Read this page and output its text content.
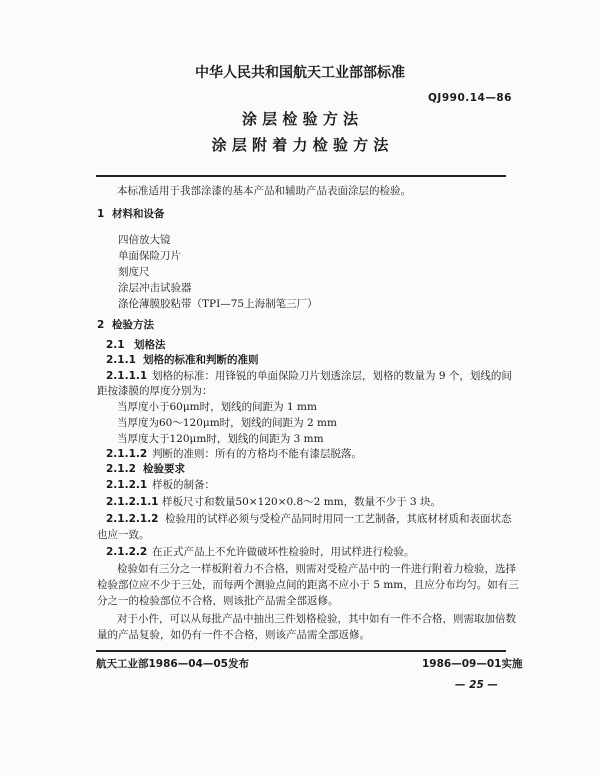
中华人民共和国航天工业部部标准
QJ990.14—86
涂 层 检 验 方 法
涂 层 附 着 力 检 验 方 法
本标准适用于我部涂漆的基本产品和辅助产品表面涂层的检验。
1 材料和设备
四倍放大镜
单面保险刀片
刻度尺
涂层冲击试验器
涤伦薄膜胶粘带（TPI—75上海制笔三厂）
2 检验方法
2.1 划格法
2.1.1 划格的标准和判断的准则
2.1.1.1 划格的标准：用锋锐的单面保险刀片划透涂层，划格的数量为 9 个，划线的间
距按漆膜的厚度分别为：
当厚度小于60μm时，划线的间距为 1 mm
当厚度为60～120μm时，划线的间距为 2 mm
当厚度大于120μm时，划线的间距为 3 mm
2.1.1.2 判断的准则：所有的方格均不能有漆层脱落。
2.1.2 检验要求
2.1.2.1 样板的制备：
2.1.2.1.1 样板尺寸和数量50×120×0.8～2 mm，数量不少于 3 块。
2.1.2.1.2 检验用的试样必须与受检产品同时用同一工艺制备，其底材材质和表面状态
也应一致。
2.1.2.2 在正式产品上不允许做破坏性检验时，用试样进行检验。
检验如有三分之一样板附着力不合格，则需对受检产品中的一件进行附着力检验，选择
检验部位应不少于三处，而每两个测验点间的距离不应小于 5 mm，且应分布均匀。如有三
分之一的检验部位不合格，则该批产品需全部返修。
对于小件，可以从每批产品中抽出三件划格检验，其中如有一件不合格，则需取加倍数
量的产品复验，如仍有一件不合格，则该产品需全部返修。
航天工业部1986—04—05发布	1986—09—01实施
— 25 —
